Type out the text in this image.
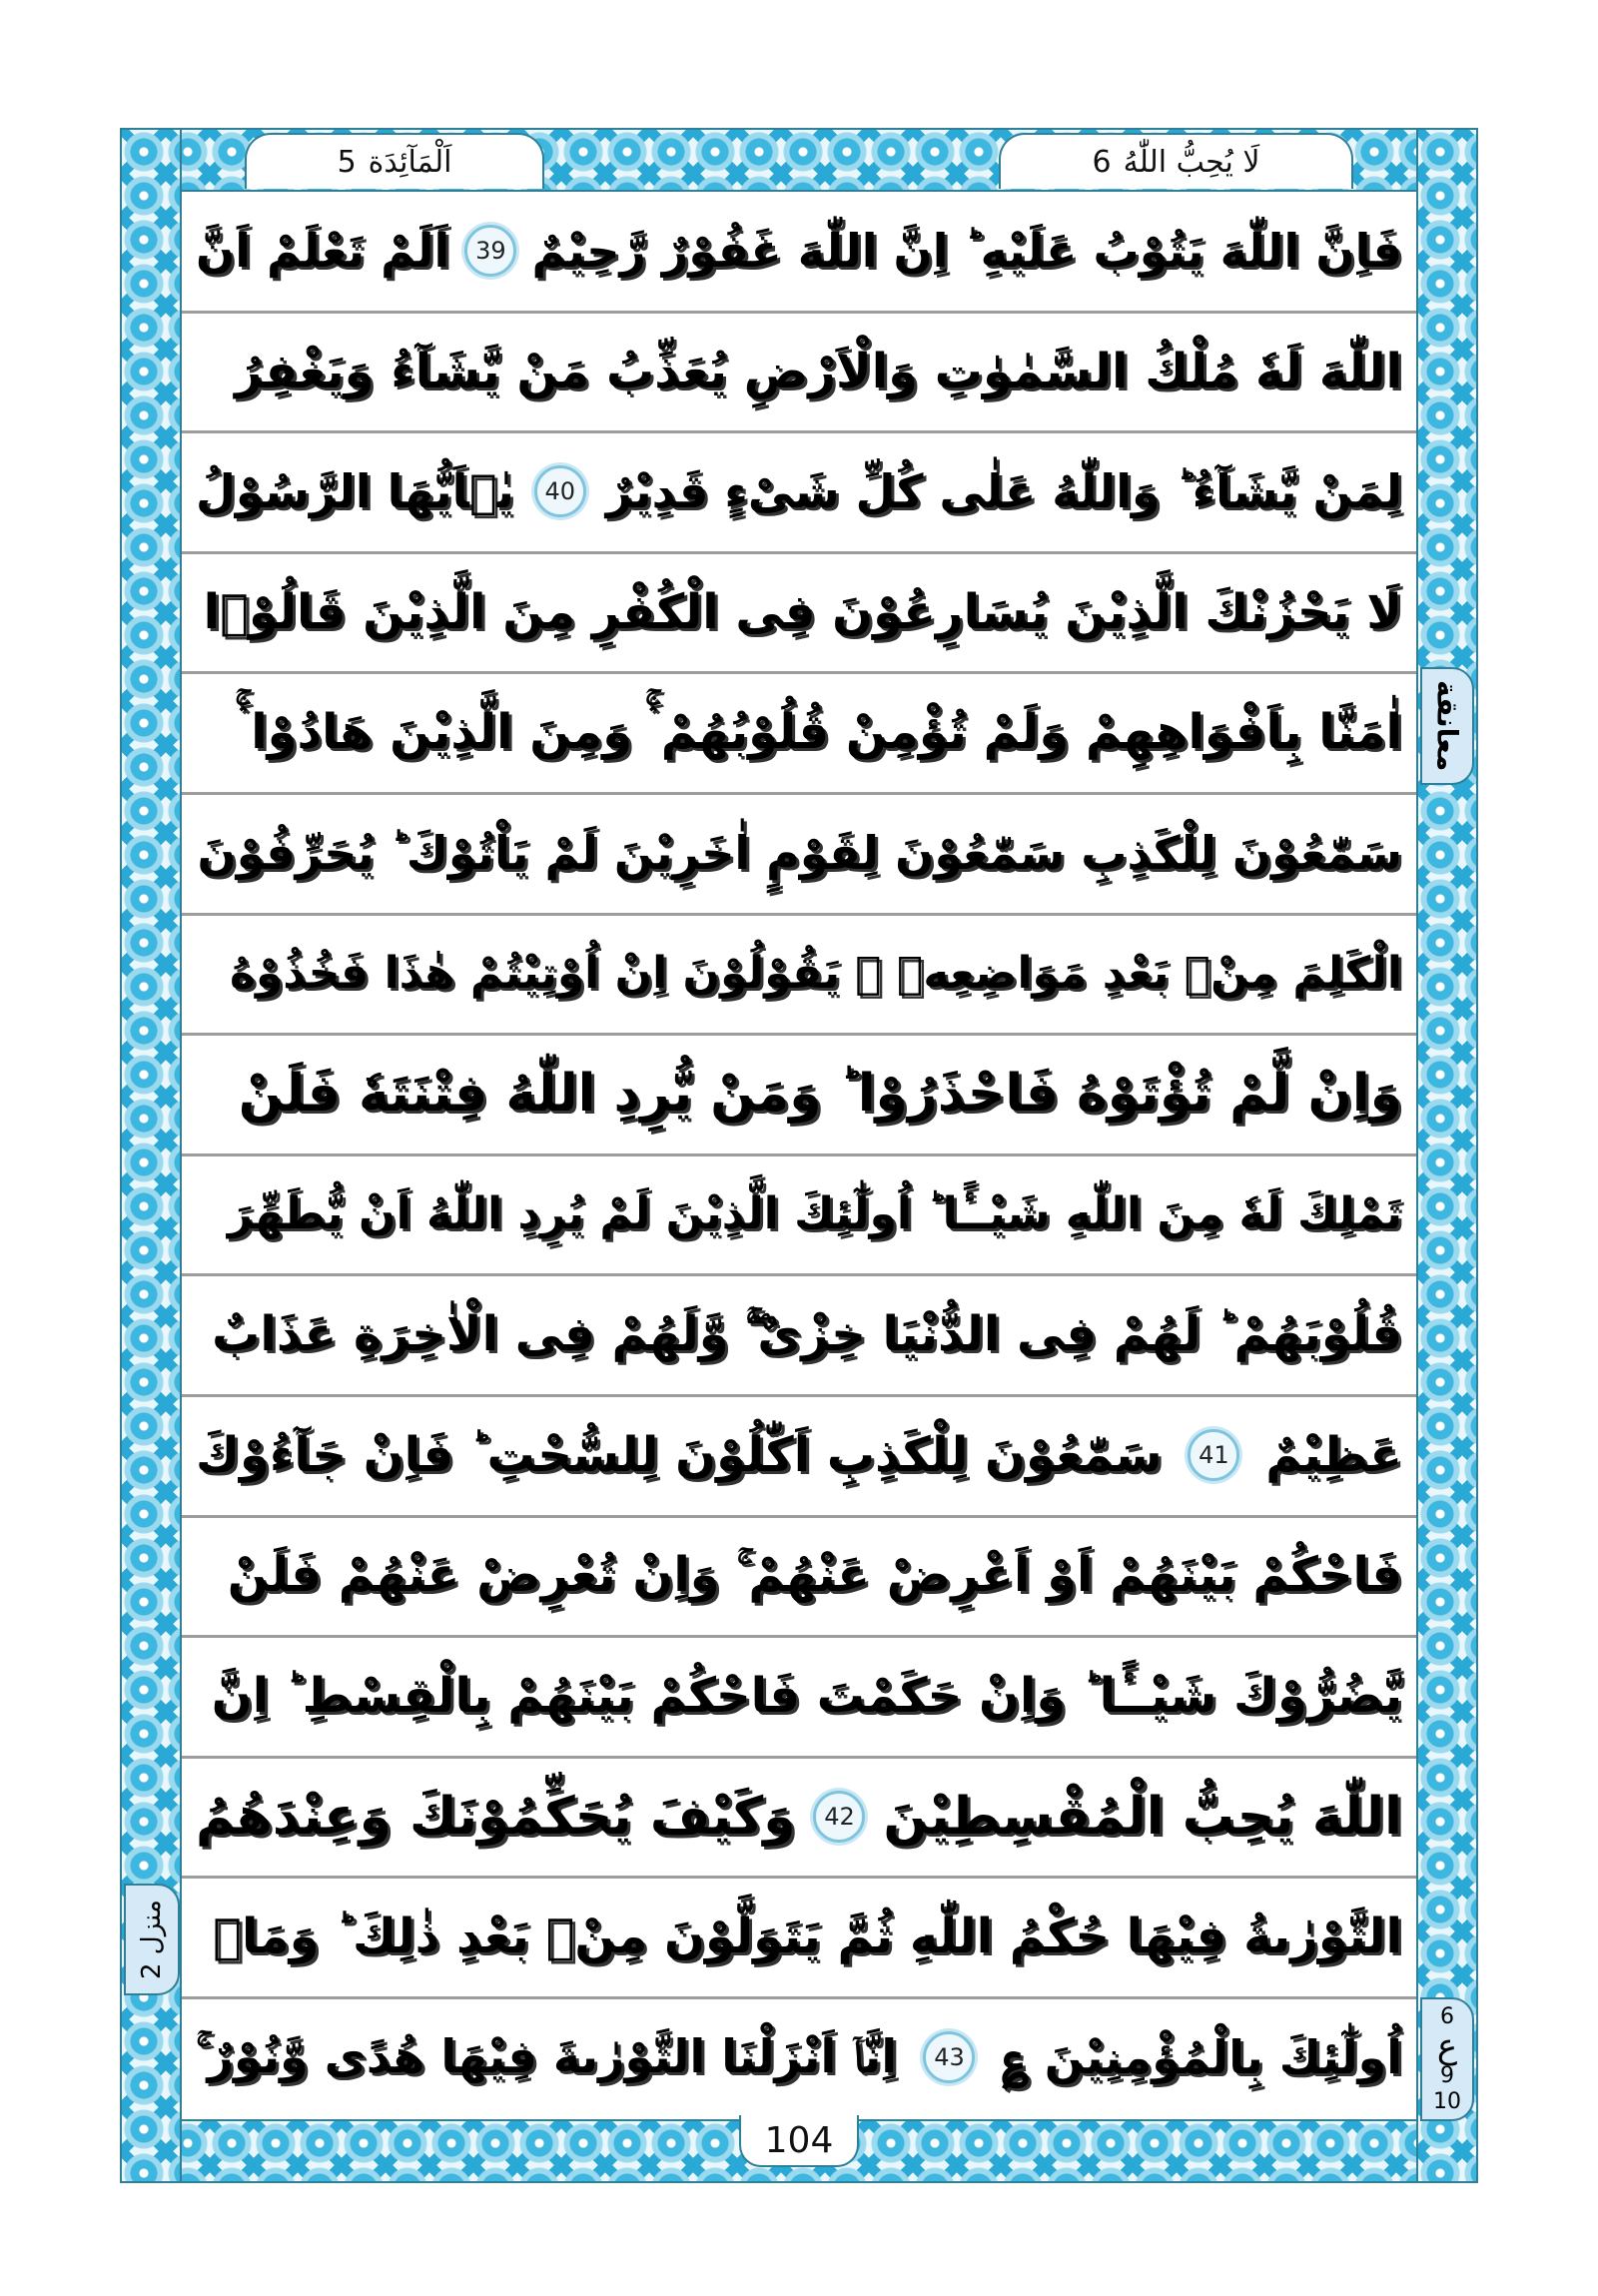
اَلْمَآئِدَة
5	لَا يُحِبُّ اللّٰهُ
6
فَاِنَّ اللّٰهَ يَتُوْبُ عَلَيْهِ ؕ اِنَّ اللّٰهَ غَفُوْرٌ رَّحِيْمٌ
39
اَلَمْ تَعْلَمْ اَنَّ
اللّٰهَ لَهٗ مُلْكُ السَّمٰوٰتِ وَالْاَرْضِ يُعَذِّبُ مَنْ يَّشَآءُ وَيَغْفِرُ
لِمَنْ يَّشَآءُ ؕ وَاللّٰهُ عَلٰى كُلِّ شَىْءٍ قَدِيْرٌ
40
يٰۤاَيُّهَا الرَّسُوْلُ
لَا يَحْزُنْكَ الَّذِيْنَ يُسَارِعُوْنَ فِى الْكُفْرِ مِنَ الَّذِيْنَ قَالُوْۤا
اٰمَنَّا بِاَفْوَاهِهِمْ وَلَمْ تُؤْمِنْ قُلُوْبُهُمْ ۛۚ وَمِنَ الَّذِيْنَ هَادُوْا ۛۚ
سَمّٰعُوْنَ لِلْكَذِبِ سَمّٰعُوْنَ لِقَوْمٍ اٰخَرِيْنَ لَمْ يَاْتُوْكَ ؕ يُحَرِّفُوْنَ
الْكَلِمَ مِنْۢ بَعْدِ مَوَاضِعِهٖ ۚ يَقُوْلُوْنَ اِنْ اُوْتِيْتُمْ هٰذَا فَخُذُوْهُ
وَاِنْ لَّمْ تُؤْتَوْهُ فَاحْذَرُوْا ؕ وَمَنْ يُّرِدِ اللّٰهُ فِتْنَتَهٗ فَلَنْ
تَمْلِكَ لَهٗ مِنَ اللّٰهِ شَيْــًٔا ؕ اُولٰٓئِكَ الَّذِيْنَ لَمْ يُرِدِ اللّٰهُ اَنْ يُّطَهِّرَ
قُلُوْبَهُمْ ؕ لَهُمْ فِى الدُّنْيَا خِزْىٌ ۖۚ وَّلَهُمْ فِى الْاٰخِرَةِ عَذَابٌ
عَظِيْمٌ
41
سَمّٰعُوْنَ لِلْكَذِبِ اَكّٰلُوْنَ لِلسُّحْتِ ؕ فَاِنْ جَآءُوْكَ
فَاحْكُمْ بَيْنَهُمْ اَوْ اَعْرِضْ عَنْهُمْ ۚ وَاِنْ تُعْرِضْ عَنْهُمْ فَلَنْ
يَّضُرُّوْكَ شَيْــًٔا ؕ وَاِنْ حَكَمْتَ فَاحْكُمْ بَيْنَهُمْ بِالْقِسْطِ ؕ اِنَّ
اللّٰهَ يُحِبُّ الْمُقْسِطِيْنَ
42
وَكَيْفَ يُحَكِّمُوْنَكَ وَعِنْدَهُمُ
التَّوْرٰٮةُ فِيْهَا حُكْمُ اللّٰهِ ثُمَّ يَتَوَلَّوْنَ مِنْۢ بَعْدِ ذٰلِكَ ؕ وَمَاۤ
اُولٰٓئِكَ بِالْمُؤْمِنِيْنَ ؏
43
اِنَّاۤ اَنْزَلْنَا التَّوْرٰٮةَ فِيْهَا هُدًى وَّنُوْرٌ ۚ
معانقة
منزل 2
6
ع
9
10
104
